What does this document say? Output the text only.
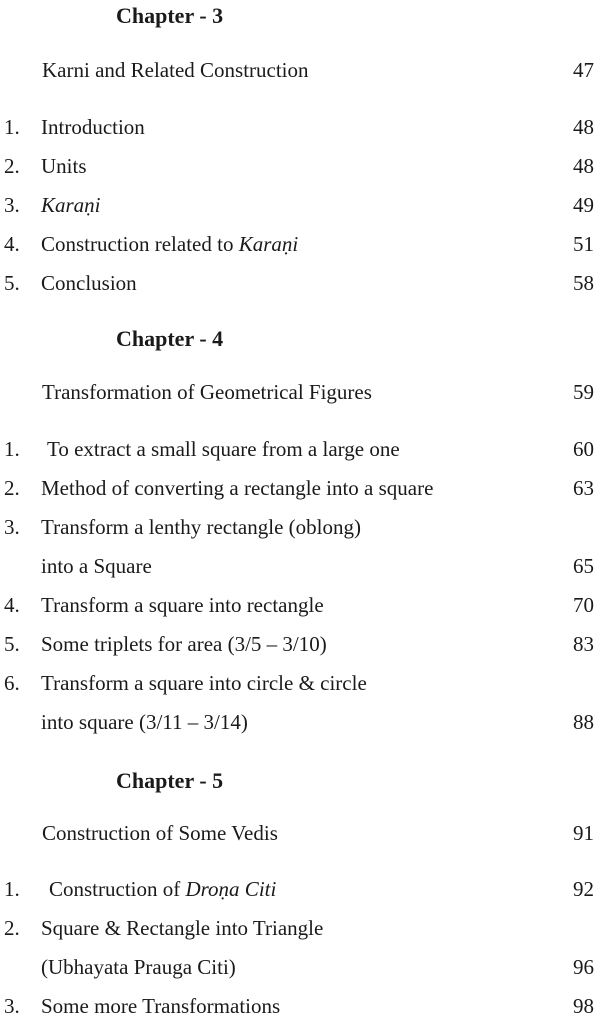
Chapter - 3
Karni and Related Construction	47
1. Introduction	48
2. Units	48
3. Karaṇi	49
4. Construction related to Karaṇi	51
5. Conclusion	58
Chapter - 4
Transformation of Geometrical Figures	59
1. To extract a small square from a large one	60
2. Method of converting a rectangle into a square	63
3. Transform a lenthy rectangle (oblong)
into a Square	65
4. Transform a square into rectangle	70
5. Some triplets for area (3/5 – 3/10)	83
6. Transform a square into circle & circle
into square (3/11 – 3/14)	88
Chapter - 5
Construction of Some Vedis	91
1. Construction of Droṇa Citi	92
2. Square & Rectangle into Triangle
(Ubhayata Prauga Citi)	96
3. Some more Transformations	98
